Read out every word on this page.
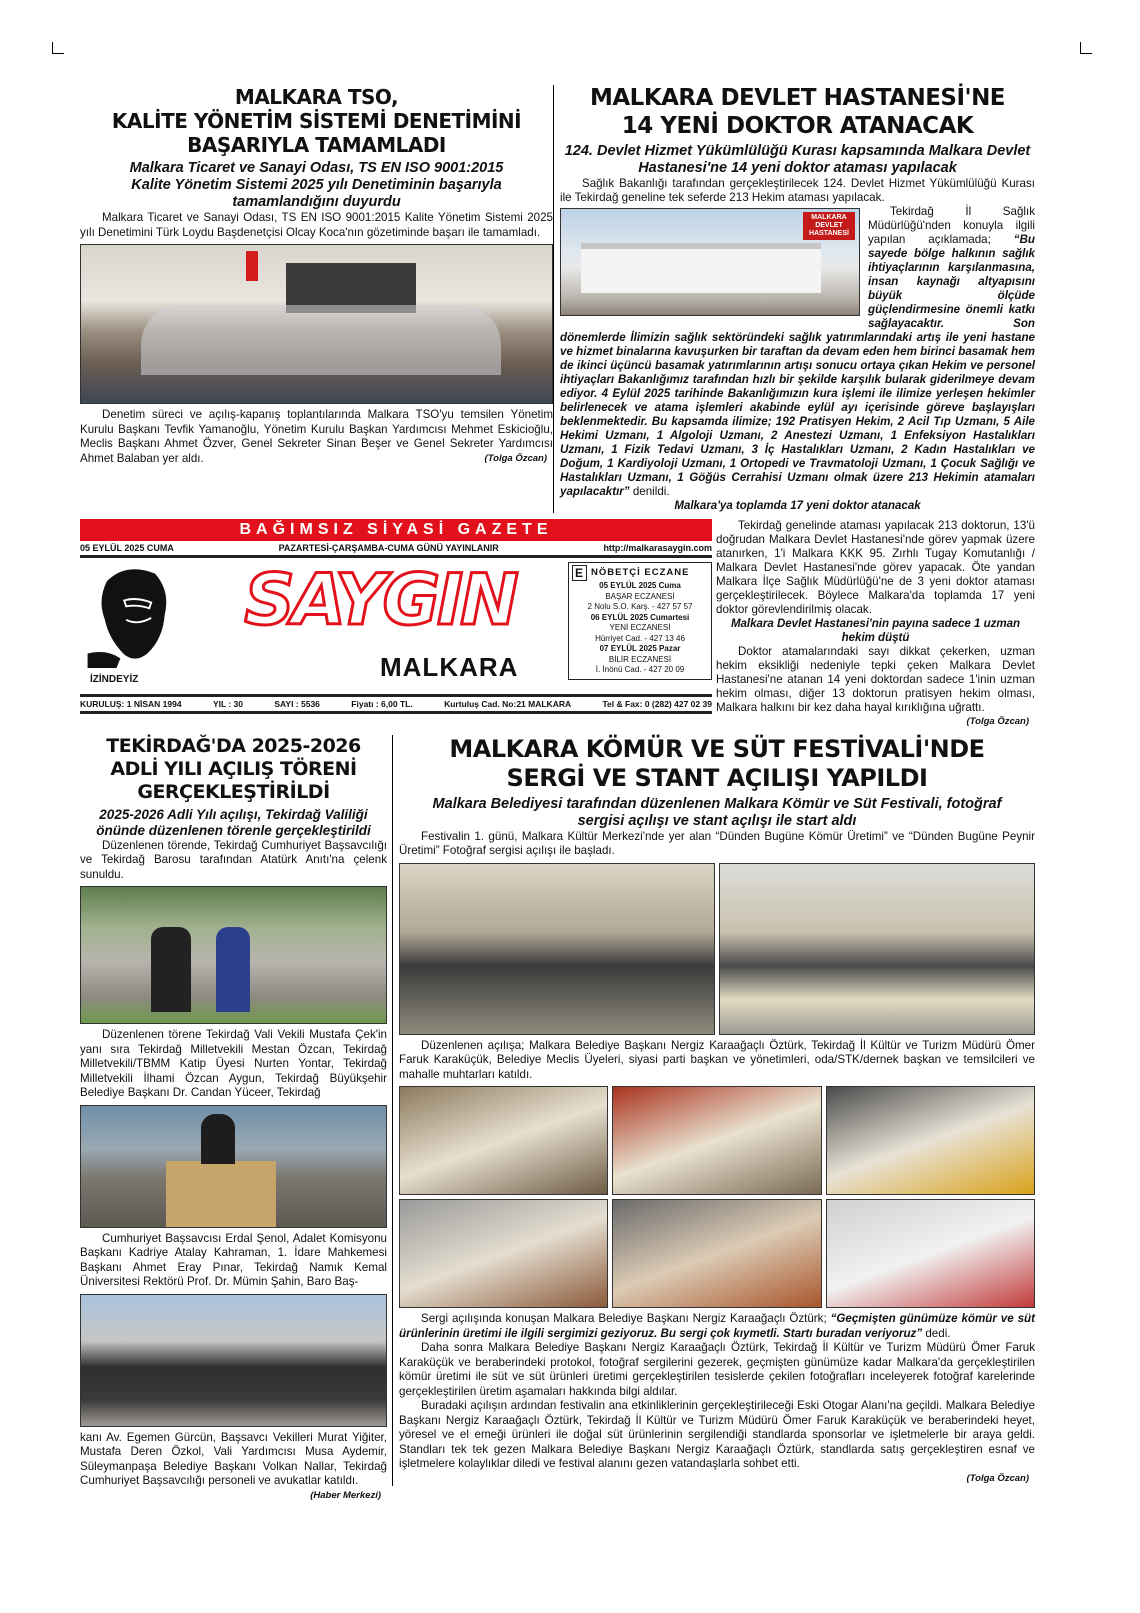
MALKARA TSO,
KALİTE YÖNETİM SİSTEMİ DENETİMİNİ
BAŞARIYLA TAMAMLADI
Malkara Ticaret ve Sanayi Odası, TS EN ISO 9001:2015 Kalite Yönetim Sistemi 2025 yılı Denetiminin başarıyla tamamlandığını duyurdu
Malkara Ticaret ve Sanayi Odası, TS EN ISO 9001:2015 Kalite Yönetim Sistemi 2025 yılı Denetimini Türk Loydu Başdenetçisi Olcay Koca'nın gözetiminde başarı ile tamamladı.
Denetim süreci ve açılış-kapanış toplantılarında Malkara TSO'yu temsilen Yönetim Kurulu Başkanı Tevfik Yamanoğlu, Yönetim Kurulu Başkan Yardımcısı Mehmet Eskicioğlu, Meclis Başkanı Ahmet Özver, Genel Sekreter Sinan Beşer ve Genel Sekreter Yardımcısı Ahmet Balaban yer aldı.	(Tolga Özcan)
MALKARA DEVLET HASTANESİ'NE
14 YENİ DOKTOR ATANACAK
124. Devlet Hizmet Yükümlülüğü Kurası kapsamında Malkara Devlet Hastanesi'ne 14 yeni doktor ataması yapılacak
Sağlık Bakanlığı tarafından gerçekleştirilecek 124. Devlet Hizmet Yükümlülüğü Kurası ile Tekirdağ geneline tek seferde 213 Hekim ataması yapılacak.
MALKARA DEVLET HASTANESİ
Tekirdağ İl Sağlık Müdürlüğü'nden konuyla ilgili yapılan açıklamada; “Bu sayede bölge halkının sağlık ihtiyaçlarının karşılanmasına, insan kaynağı altyapısını büyük ölçüde güçlendirmesine önemli katkı sağlayacaktır. Son dönemlerde İlimizin sağlık sektöründeki sağlık yatırımlarındaki artış ile yeni hastane ve hizmet binalarına kavuşurken bir taraftan da devam eden hem birinci basamak hem de ikinci üçüncü basamak yatırımlarının artışı sonucu ortaya çıkan Hekim ve personel ihtiyaçları Bakanlığımız tarafından hızlı bir şekilde karşılık bularak giderilmeye devam ediyor. 4 Eylül 2025 tarihinde Bakanlığımızın kura işlemi ile ilimize yerleşen hekimler belirlenecek ve atama işlemleri akabinde eylül ayı içerisinde göreve başlayışları beklenmektedir. Bu kapsamda ilimize; 192 Pratisyen Hekim, 2 Acil Tıp Uzmanı, 5 Aile Hekimi Uzmanı, 1 Algoloji Uzmanı, 2 Anestezi Uzmanı, 1 Enfeksiyon Hastalıkları Uzmanı, 1 Fizik Tedavi Uzmanı, 3 İç Hastalıkları Uzmanı, 2 Kadın Hastalıkları ve Doğum, 1 Kardiyoloji Uzmanı, 1 Ortopedi ve Travmatoloji Uzmanı, 1 Çocuk Sağlığı ve Hastalıkları Uzmanı, 1 Göğüs Cerrahisi Uzmanı olmak üzere 213 Hekimin atamaları yapılacaktır” denildi.
Malkara'ya toplamda 17 yeni doktor atanacak
BAĞIMSIZ SİYASİ GAZETE
05 EYLÜL 2025 CUMA	PAZARTESİ-ÇARŞAMBA-CUMA GÜNÜ YAYINLANIR	http://malkarasaygin.com
İZİNDEYİZ
SAYGIN
MALKARA
E NÖBETÇİ ECZANE
05 EYLÜL 2025 Cuma
BAŞAR ECZANESİ
2 Nolu S.O. Karş. - 427 57 57
06 EYLÜL 2025 Cumartesi
YENİ ECZANESİ
Hürriyet Cad. - 427 13 46
07 EYLÜL 2025 Pazar
BİLİR ECZANESİ
İ. İnönü Cad. - 427 20 09
KURULUŞ: 1 NİSAN 1994	YIL : 30	SAYI : 5536	Fiyatı : 6,00 TL.	Kurtuluş Cad. No:21 MALKARA	Tel & Fax: 0 (282) 427 02 39
Tekirdağ genelinde ataması yapılacak 213 doktorun, 13'ü doğrudan Malkara Devlet Hastanesi'nde görev yapmak üzere atanırken, 1'i Malkara KKK 95. Zırhlı Tugay Komutanlığı / Malkara Devlet Hastanesi'nde görev yapacak. Öte yandan Malkara İlçe Sağlık Müdürlüğü'ne de 3 yeni doktor ataması gerçekleştirilecek. Böylece Malkara'da toplamda 17 yeni doktor görevlendirilmiş olacak.
Malkara Devlet Hastanesi'nin payına sadece 1 uzman hekim düştü
Doktor atamalarındaki sayı dikkat çekerken, uzman hekim eksikliği nedeniyle tepki çeken Malkara Devlet Hastanesi'ne atanan 14 yeni doktordan sadece 1'inin uzman hekim olması, diğer 13 doktorun pratisyen hekim olması, Malkara halkını bir kez daha hayal kırıklığına uğrattı.
(Tolga Özcan)
TEKİRDAĞ'DA 2025-2026
ADLİ YILI AÇILIŞ TÖRENİ
GERÇEKLEŞTİRİLDİ
2025-2026 Adli Yılı açılışı, Tekirdağ Valiliği önünde düzenlenen törenle gerçekleştirildi
Düzenlenen törende, Tekirdağ Cumhuriyet Başsavcılığı ve Tekirdağ Barosu tarafından Atatürk Anıtı'na çelenk sunuldu.
Düzenlenen törene Tekirdağ Vali Vekili Mustafa Çek'in yanı sıra Tekirdağ Milletvekili Mestan Özcan, Tekirdağ Milletvekili/TBMM Katip Üyesi Nurten Yontar, Tekirdağ Milletvekili İlhami Özcan Aygun, Tekirdağ Büyükşehir Belediye Başkanı Dr. Candan Yüceer, Tekirdağ
Cumhuriyet Başsavcısı Erdal Şenol, Adalet Komisyonu Başkanı Kadriye Atalay Kahraman, 1. İdare Mahkemesi Başkanı Ahmet Eray Pınar, Tekirdağ Namık Kemal Üniversitesi Rektörü Prof. Dr. Mümin Şahin, Baro Baş-
kanı Av. Egemen Gürcün, Başsavcı Vekilleri Murat Yiğiter, Mustafa Deren Özkol, Vali Yardımcısı Musa Aydemir, Süleymanpaşa Belediye Başkanı Volkan Nallar, Tekirdağ Cumhuriyet Başsavcılığı personeli ve avukatlar katıldı.

(Haber Merkezi)
MALKARA KÖMÜR VE SÜT FESTİVALİ'NDE
SERGİ VE STANT AÇILIŞI YAPILDI
Malkara Belediyesi tarafından düzenlenen Malkara Kömür ve Süt Festivali, fotoğraf sergisi açılışı ve stant açılışı ile start aldı
Festivalin 1. günü, Malkara Kültür Merkezi'nde yer alan “Dünden Bugüne Kömür Üretimi” ve “Dünden Bugüne Peynir Üretimi” Fotoğraf sergisi açılışı ile başladı.
Düzenlenen açılışa; Malkara Belediye Başkanı Nergiz Karaağaçlı Öztürk, Tekirdağ İl Kültür ve Turizm Müdürü Ömer Faruk Karaküçük, Belediye Meclis Üyeleri, siyasi parti başkan ve yönetimleri, oda/STK/dernek başkan ve temsilcileri ve mahalle muhtarları katıldı.
Sergi açılışında konuşan Malkara Belediye Başkanı Nergiz Karaağaçlı Öztürk; “Geçmişten günümüze kömür ve süt ürünlerinin üretimi ile ilgili sergimizi geziyoruz. Bu sergi çok kıymetli. Startı buradan veriyoruz” dedi.
Daha sonra Malkara Belediye Başkanı Nergiz Karaağaçlı Öztürk, Tekirdağ İl Kültür ve Turizm Müdürü Ömer Faruk Karaküçük ve beraberindeki protokol, fotoğraf sergilerini gezerek, geçmişten günümüze kadar Malkara'da gerçekleştirilen kömür üretimi ile süt ve süt ürünleri üretimi gerçekleştirilen tesislerde çekilen fotoğrafları inceleyerek fotoğraf karelerinde gerçekleştirilen üretim aşamaları hakkında bilgi aldılar.
Buradaki açılışın ardından festivalin ana etkinliklerinin gerçekleştirileceği Eski Otogar Alanı'na geçildi. Malkara Belediye Başkanı Nergiz Karaağaçlı Öztürk, Tekirdağ İl Kültür ve Turizm Müdürü Ömer Faruk Karaküçük ve beraberindeki heyet, yöresel ve el emeği ürünleri ile doğal süt ürünlerinin sergilendiği standlarda sponsorlar ve işletmelerle bir araya geldi. Standları tek tek gezen Malkara Belediye Başkanı Nergiz Karaağaçlı Öztürk, standlarda satış gerçekleştiren esnaf ve işletmelere kolaylıklar diledi ve festival alanını gezen vatandaşlarla sohbet etti.

(Tolga Özcan)
